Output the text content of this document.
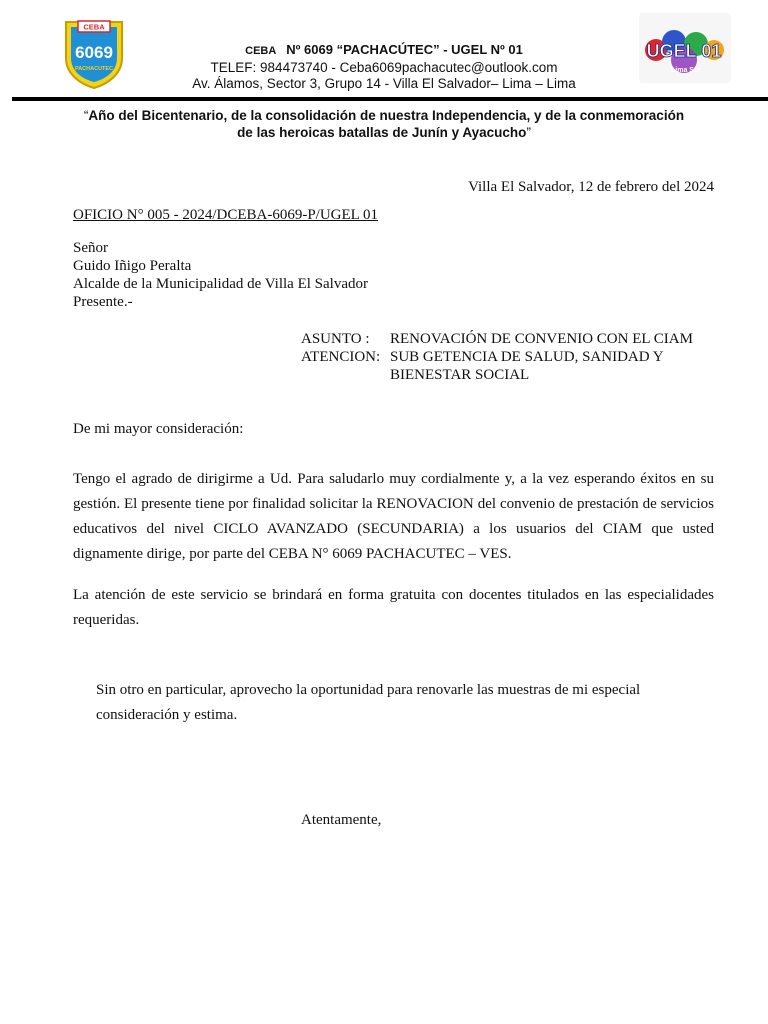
CEBA
6069
PACHACUTEC
UGEL 01
Lima Sur
CEBA Nº 6069 “PACHACÚTEC” - UGEL Nº 01
TELEF: 984473740 - Ceba6069pachacutec@outlook.com
Av. Álamos, Sector 3, Grupo 14 - Villa El Salvador– Lima – Lima
“Año del Bicentenario, de la consolidación de nuestra Independencia, y de la conmemoración
de las heroicas batallas de Junín y Ayacucho”
Villa El Salvador, 12 de febrero del 2024
OFICIO N° 005 - 2024/DCEBA-6069-P/UGEL 01
Señor
Guido Iñigo Peralta
Alcalde de la Municipalidad de Villa El Salvador
Presente.-
ASUNTO :	RENOVACIÓN DE CONVENIO CON EL CIAM
ATENCION: SUB GETENCIA DE SALUD, SANIDAD Y
BIENESTAR SOCIAL
De mi mayor consideración:
Tengo el agrado de dirigirme a Ud. Para saludarlo muy cordialmente y, a la vez esperando éxitos en su gestión. El presente tiene por finalidad solicitar la RENOVACION del convenio de prestación de servicios educativos del nivel CICLO AVANZADO (SECUNDARIA) a los usuarios del CIAM que usted dignamente dirige, por parte del CEBA N° 6069 PACHACUTEC – VES.
La atención de este servicio se brindará en forma gratuita con docentes titulados en las especialidades requeridas.
Sin otro en particular, aprovecho la oportunidad para renovarle las muestras de mi especial consideración y estima.
Atentamente,
